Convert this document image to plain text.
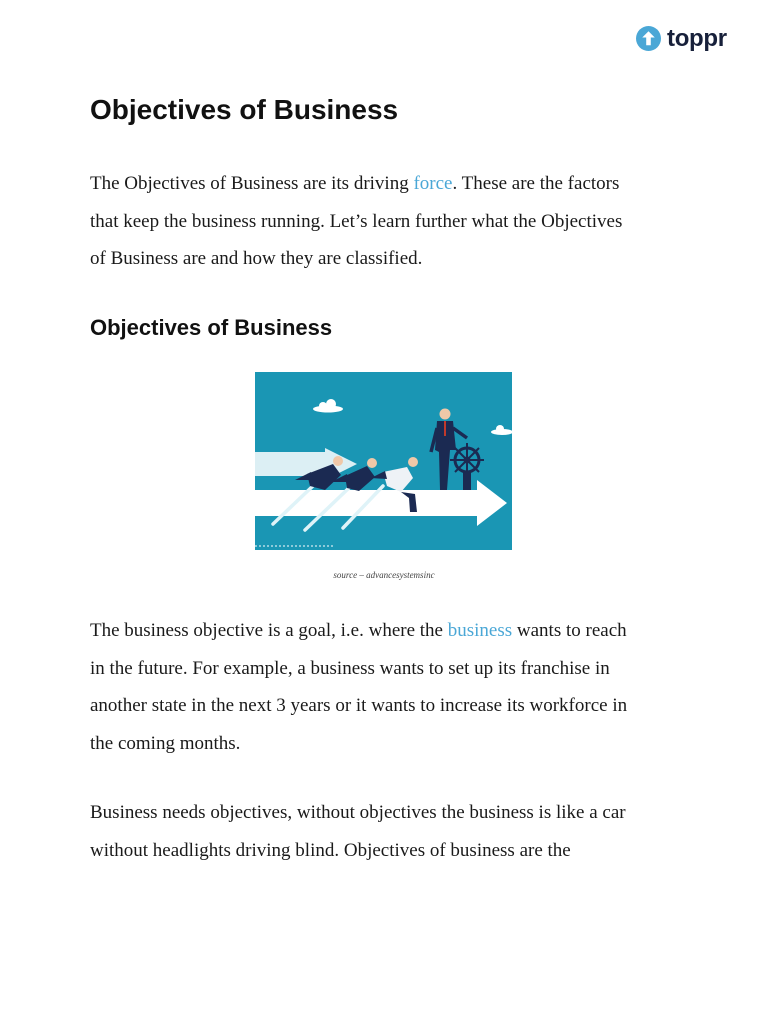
toppr
Objectives of Business

The Objectives of Business are its driving force. These are the factors
that keep the business running. Let’s learn further what the Objectives
of Business are and how they are classified.

Objectives of Business
source – advancesystemsinc

The business objective is a goal, i.e. where the business wants to reach
in the future. For example, a business wants to set up its franchise in
another state in the next 3 years or it wants to increase its workforce in
the coming months.

Business needs objectives, without objectives the business is like a car
without headlights driving blind. Objectives of business are the
